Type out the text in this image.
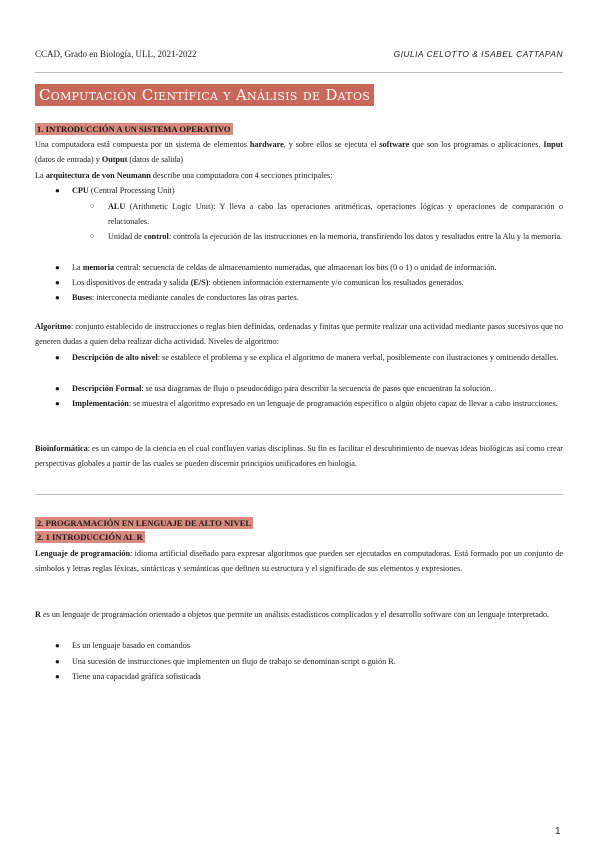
CCAD, Grado en Biología, ULL, 2021-2022	GIULIA CELOTTO & ISABEL CATTAPAN
Computación Científica y Análisis de Datos
1. INTRODUCCIÓN A UN SISTEMA OPERATIVO
Una computadora está compuesta por un sistema de elementos hardware, y sobre ellos se ejecuta el software que son los programas o aplicaciones. Input (datos de entrada) y Output (datos de salida)
La arquitectura de von Neumann describe una computadora con 4 secciones principales:
● CPU (Central Processing Unit)
○ ALU (Arithmetic Logic Unit): Y lleva a cabo las operaciones aritméticas, operaciones lógicas y operaciones de comparación o relacionales.
○ Unidad de control: controla la ejecución de las instrucciones en la memoria, transfiriendo los datos y resultados entre la Alu y la memoria.
● La memoria central: secuencia de celdas de almacenamiento numeradas, que almacenan los bits (0 o 1) o unidad de información.
● Los dispositivos de entrada y salida (E/S): obtienen información externamente y/o comunican los resultados generados.
● Buses: interconecta mediante canales de conductores las otras partes.
Algoritmo: conjunto establecido de instrucciones o reglas bien definidas, ordenadas y finitas que permite realizar una actividad mediante pasos sucesivos que no generen dudas a quien deba realizar dicha actividad. Niveles de algoritmo:
● Descripción de alto nivel: se establece el problema y se explica el algoritmo de manera verbal, posiblemente con ilustraciones y omitiendo detalles.
● Descripción Formal: se usa diagramas de flujo o pseudocódigo para describir la secuencia de pasos que encuentran la solución.
● Implementación: se muestra el algoritmo expresado en un lenguaje de programación específico o algún objeto capaz de llevar a cabo instrucciones.
Bioinformática: es un campo de la ciencia en el cual confluyen varias disciplinas. Su fin es facilitar el descubrimiento de nuevas ideas biológicas así como crear perspectivas globales a partir de las cuales se pueden discernir principios unificadores en biología.
2. PROGRAMACIÓN EN LENGUAJE DE ALTO NIVEL
2. 1 INTRODUCCIÓN AL R
Lenguaje de programación: idioma artificial diseñado para expresar algoritmos que pueden ser ejecutados en computadoras. Está formado por un conjunto de símbolos y letras reglas léxicas, sintácticas y semánticas que definen su estructura y el significado de sus elementos y expresiones.
R es un lenguaje de programación orientado a objetos que permite un análisis estadísticos complicados y el desarrollo software con un lenguaje interpretado.
● Es un lenguaje basado en comandos
● Una sucesión de instrucciones que implementen un flujo de trabajo se denominan script o guión R.
● Tiene una capacidad gráfica sofisticada
1
